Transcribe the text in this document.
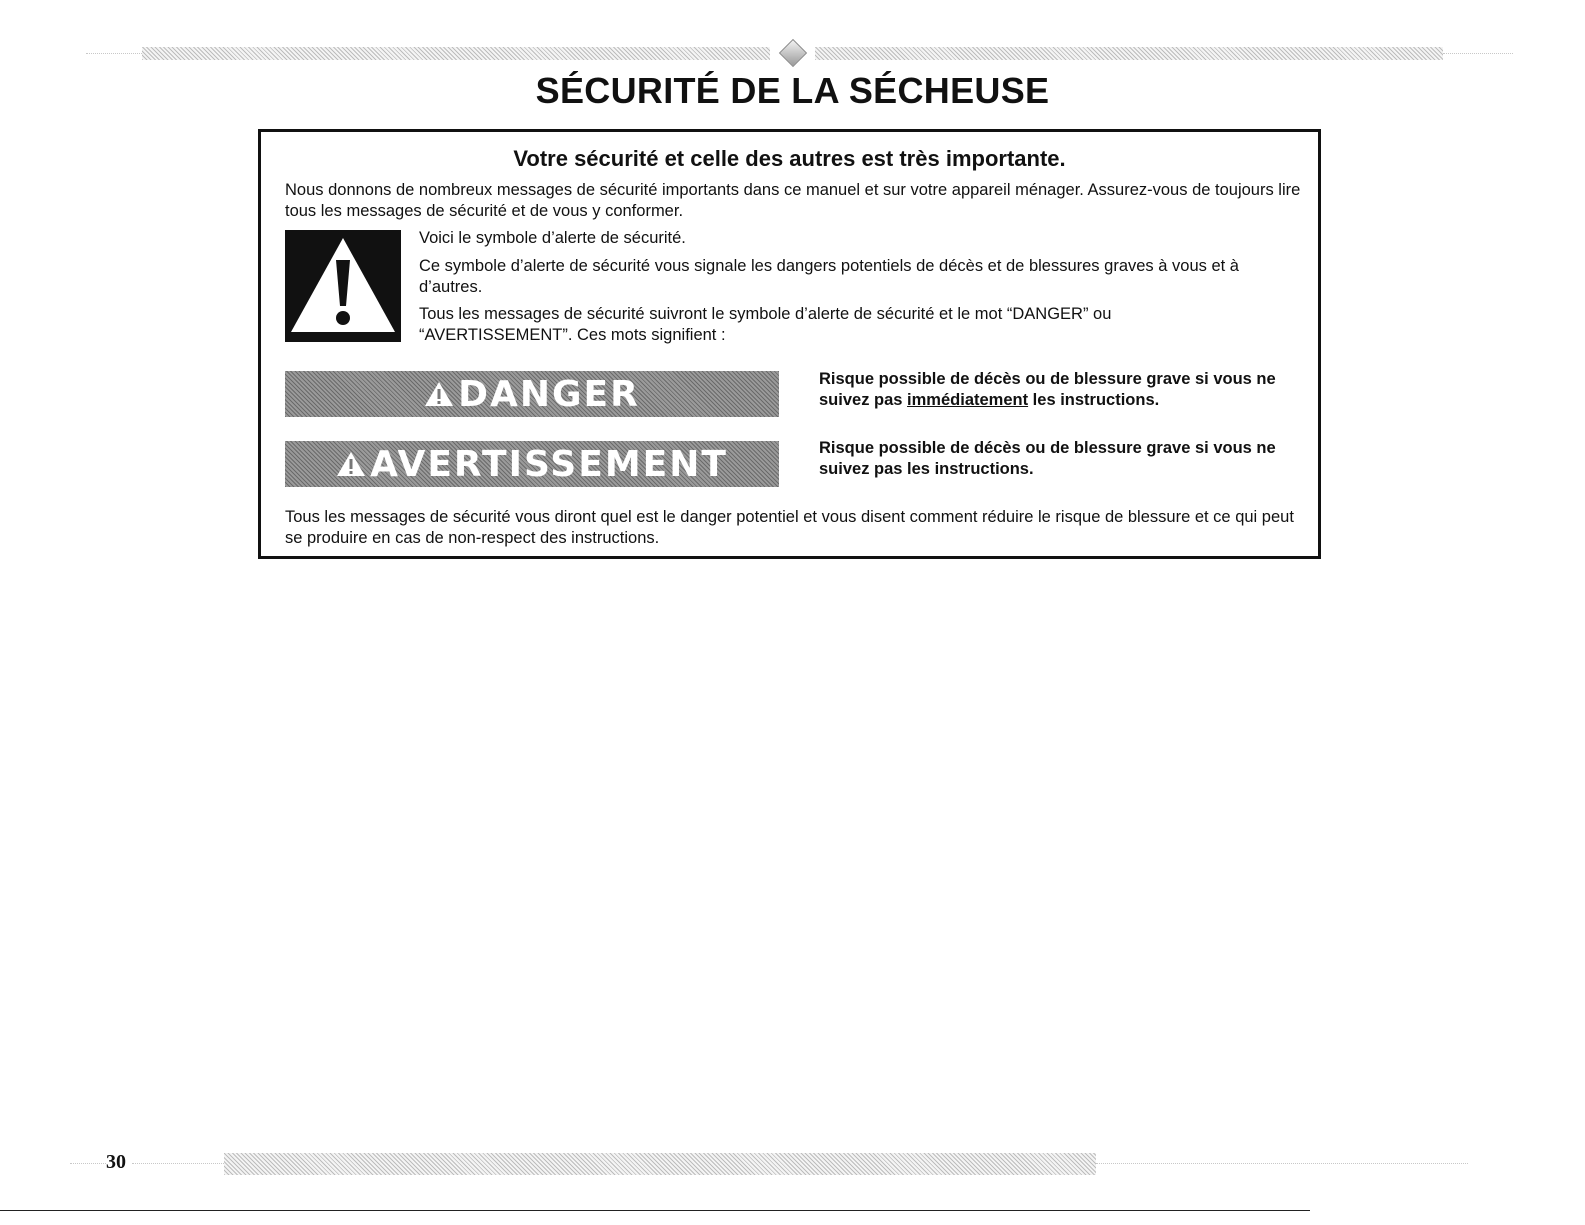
SÉCURITÉ DE LA SÉCHEUSE
Votre sécurité et celle des autres est très importante.

Nous donnons de nombreux messages de sécurité importants dans ce manuel et sur votre appareil ménager. Assurez-vous de toujours lire tous les messages de sécurité et de vous y conformer.

Voici le symbole d’alerte de sécurité.

Ce symbole d’alerte de sécurité vous signale les dangers potentiels de décès et de blessures graves à vous et à d’autres.

Tous les messages de sécurité suivront le symbole d’alerte de sécurité et le mot “DANGER” ou “AVERTISSEMENT”. Ces mots signifient :

DANGER	Risque possible de décès ou de blessure grave si vous ne suivez pas immédiatement les instructions.

AVERTISSEMENT	Risque possible de décès ou de blessure grave si vous ne suivez pas les instructions.

Tous les messages de sécurité vous diront quel est le danger potentiel et vous disent comment réduire le risque de blessure et ce qui peut se produire en cas de non-respect des instructions.

30
